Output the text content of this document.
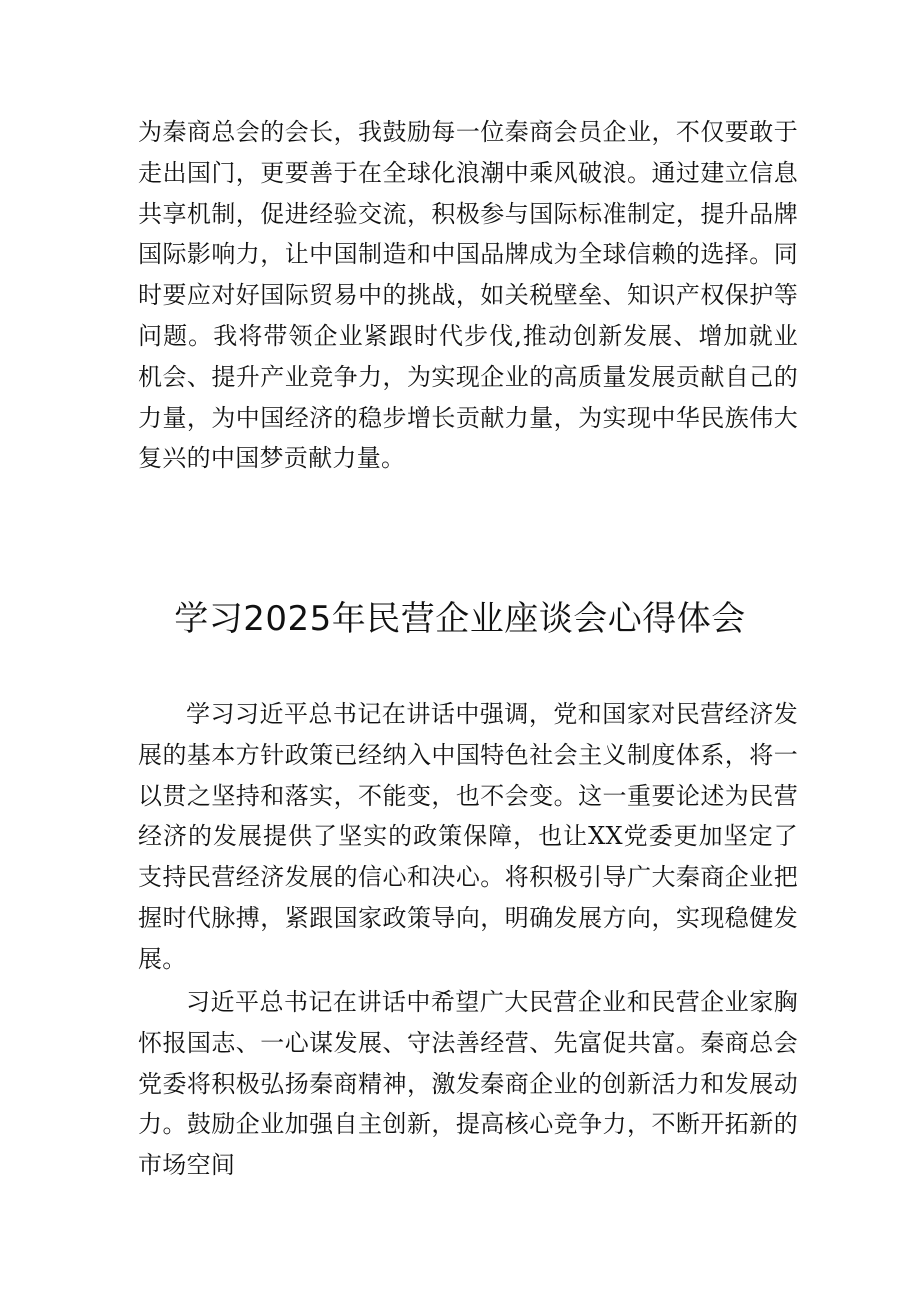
为秦商总会的会长，我鼓励每一位秦商会员企业，不仅要敢于走出国门，更要善于在全球化浪潮中乘风破浪。通过建立信息共享机制，促进经验交流，积极参与国际标准制定，提升品牌国际影响力，让中国制造和中国品牌成为全球信赖的选择。同时要应对好国际贸易中的挑战，如关税壁垒、知识产权保护等问题。我将带领企业紧跟时代步伐,推动创新发展、增加就业机会、提升产业竞争力，为实现企业的高质量发展贡献自己的力量，为中国经济的稳步增长贡献力量，为实现中华民族伟大复兴的中国梦贡献力量。

学习2025年民营企业座谈会心得体会

学习习近平总书记在讲话中强调，党和国家对民营经济发展的基本方针政策已经纳入中国特色社会主义制度体系，将一以贯之坚持和落实，不能变，也不会变。这一重要论述为民营经济的发展提供了坚实的政策保障，也让XX党委更加坚定了支持民营经济发展的信心和决心。将积极引导广大秦商企业把握时代脉搏，紧跟国家政策导向，明确发展方向，实现稳健发展。

习近平总书记在讲话中希望广大民营企业和民营企业家胸怀报国志、一心谋发展、守法善经营、先富促共富。秦商总会党委将积极弘扬秦商精神，激发秦商企业的创新活力和发展动力。鼓励企业加强自主创新，提高核心竞争力，不断开拓新的市场空间
